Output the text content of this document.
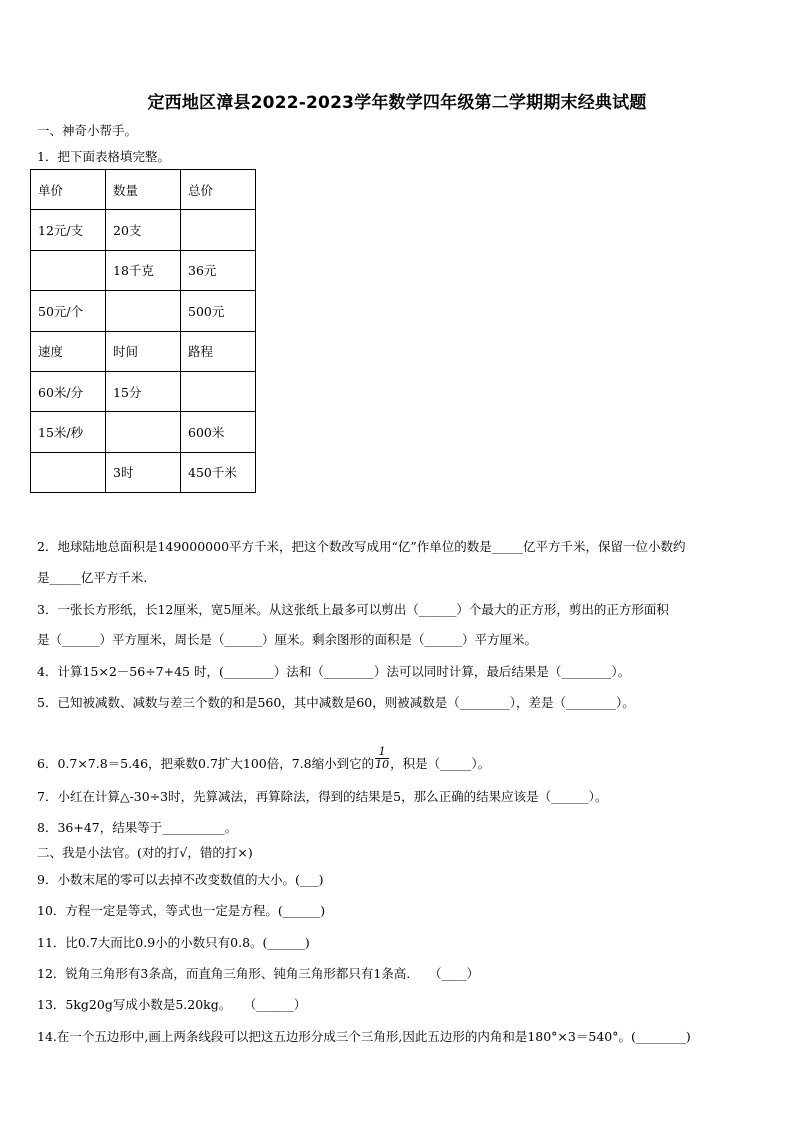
定西地区漳县2022-2023学年数学四年级第二学期期末经典试题
一、神奇小帮手。
1．把下面表格填完整。
单价	数量	总价
12元/支	20支	
	18千克	36元
50元/个		500元
速度	时间	路程
60米/分	15分	
15米/秒		600米
	3时	450千米
2．地球陆地总面积是149000000平方千米，把这个数改写成用“亿”作单位的数是_____亿平方千米，保留一位小数约
是_____亿平方千米.
3．一张长方形纸，长12厘米，宽5厘米。从这张纸上最多可以剪出（______）个最大的正方形，剪出的正方形面积
是（______）平方厘米，周长是（______）厘米。剩余图形的面积是（______）平方厘米。
4．计算15×2－56÷7+45 时，(________）法和（________）法可以同时计算，最后结果是（________）。
5．已知被减数、减数与差三个数的和是560，其中减数是60，则被减数是（________），差是（________）。
6．0.7×7.8＝5.46，把乘数0.7扩大100倍，7.8缩小到它的 $\frac{1}{10}$ ，积是（_____）。
7．小红在计算△-30÷3时，先算减法，再算除法，得到的结果是5，那么正确的结果应该是（______）。
8．36+47，结果等于__________。
二、我是小法官。(对的打√，错的打×)
9．小数末尾的零可以去掉不改变数值的大小。(___)
10．方程一定是等式，等式也一定是方程。(______)
11．比0.7大而比0.9小的小数只有0.8。(______)
12．锐角三角形有3条高，而直角三角形、钝角三角形都只有1条高.　　（____）
13．5kg20g写成小数是5.20kg。　　（______）
14.在一个五边形中,画上两条线段可以把这五边形分成三个三角形,因此五边形的内角和是180°×3＝540°。(________)
